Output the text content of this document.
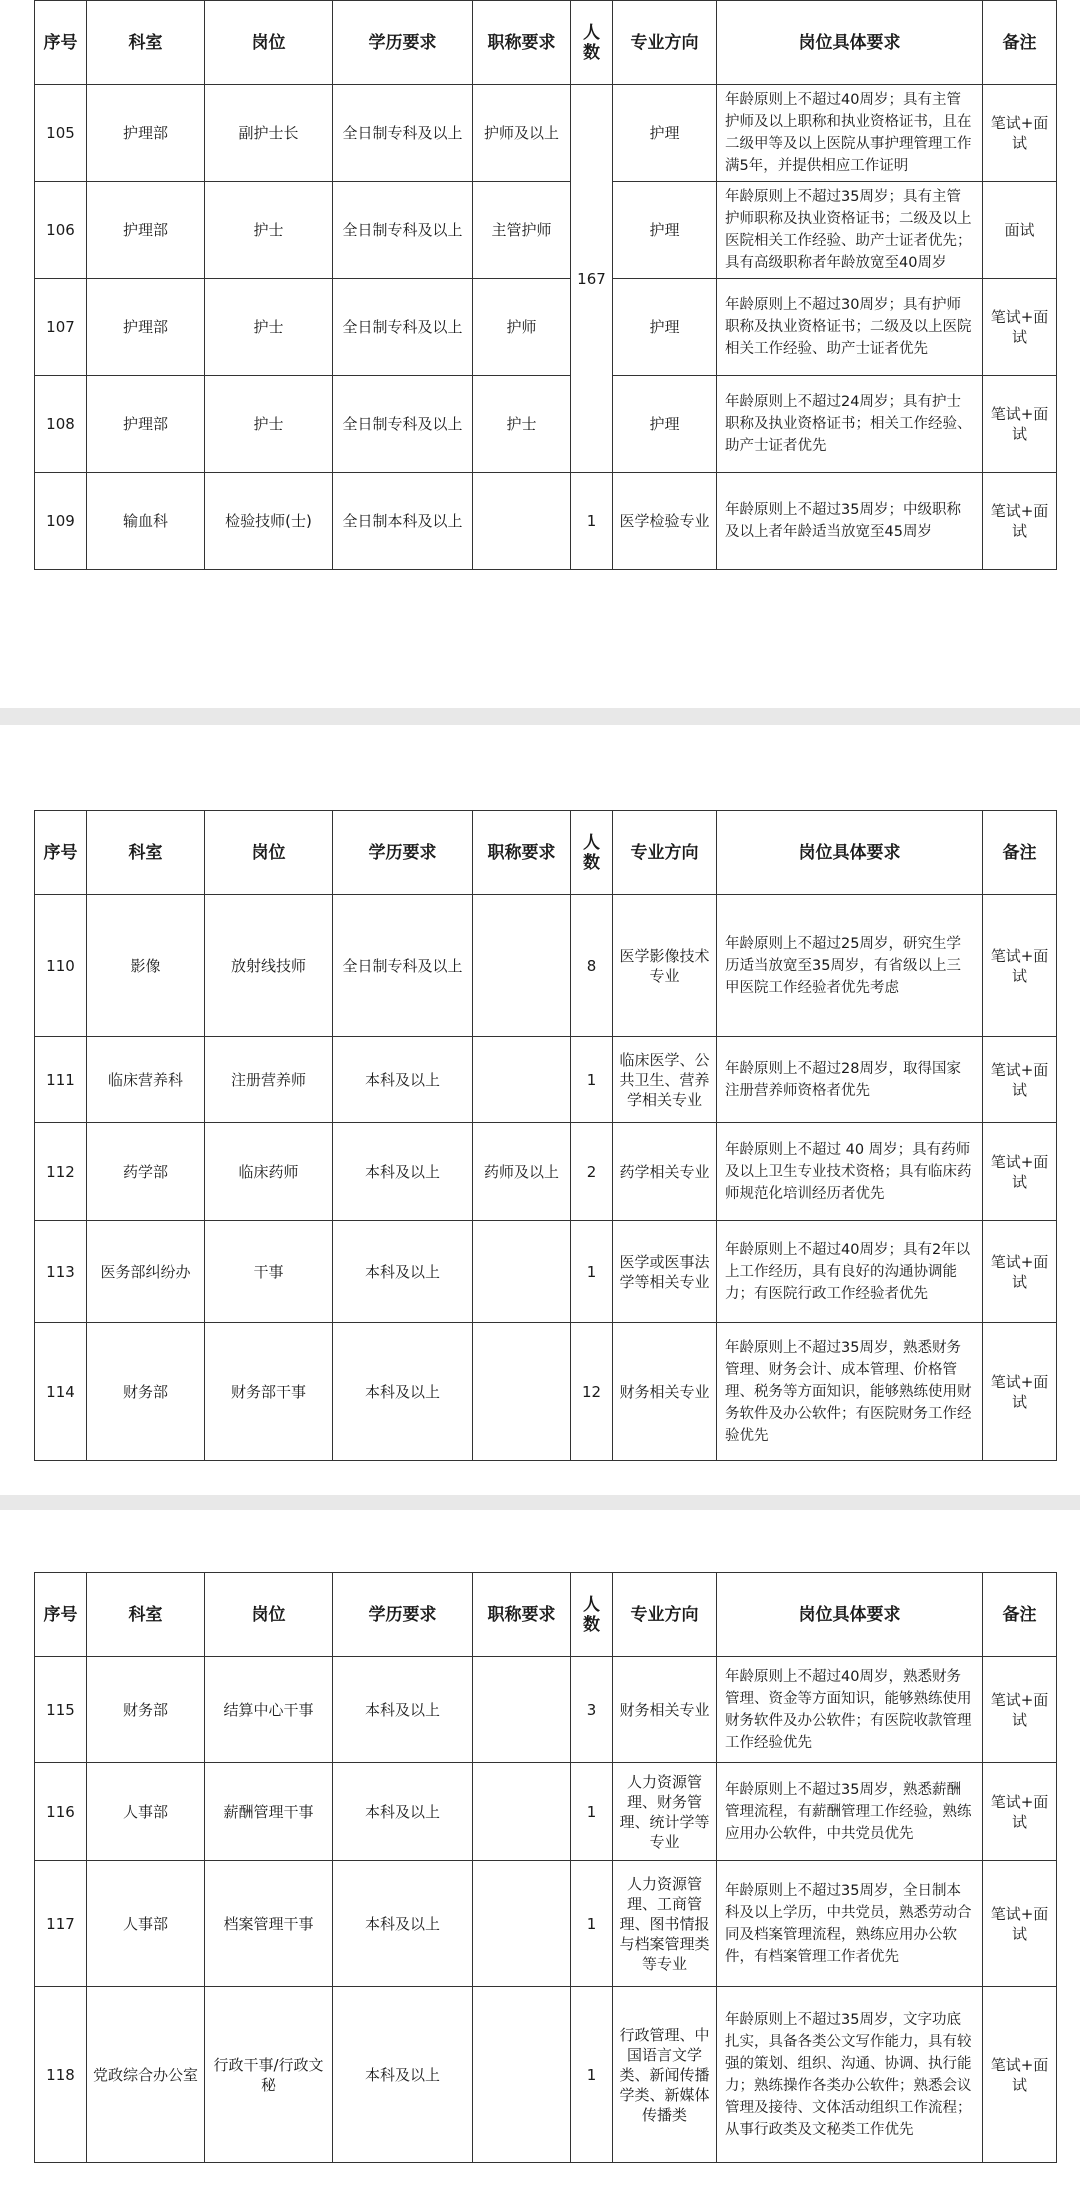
序号	科室	岗位	学历要求	职称要求	人数	专业方向	岗位具体要求	备注
105	护理部	副护士长	全日制专科及以上	护师及以上	167	护理	年龄原则上不超过40周岁；具有主管护师及以上职称和执业资格证书，且在二级甲等及以上医院从事护理管理工作满5年，并提供相应工作证明	笔试+面试
106	护理部	护士	全日制专科及以上	主管护师		护理	年龄原则上不超过35周岁；具有主管护师职称及执业资格证书；二级及以上医院相关工作经验、助产士证者优先；具有高级职称者年龄放宽至40周岁	面试
107	护理部	护士	全日制专科及以上	护师		护理	年龄原则上不超过30周岁；具有护师职称及执业资格证书；二级及以上医院相关工作经验、助产士证者优先	笔试+面试
108	护理部	护士	全日制专科及以上	护士		护理	年龄原则上不超过24周岁；具有护士职称及执业资格证书；相关工作经验、助产士证者优先	笔试+面试
109	输血科	检验技师(士)	全日制本科及以上		1	医学检验专业	年龄原则上不超过35周岁；中级职称及以上者年龄适当放宽至45周岁	笔试+面试
序号	科室	岗位	学历要求	职称要求	人数	专业方向	岗位具体要求	备注
110	影像	放射线技师	全日制专科及以上		8	医学影像技术专业	年龄原则上不超过25周岁，研究生学历适当放宽至35周岁，有省级以上三甲医院工作经验者优先考虑	笔试+面试
111	临床营养科	注册营养师	本科及以上		1	临床医学、公共卫生、营养学相关专业	年龄原则上不超过28周岁，取得国家注册营养师资格者优先	笔试+面试
112	药学部	临床药师	本科及以上	药师及以上	2	药学相关专业	年龄原则上不超过 40 周岁；具有药师及以上卫生专业技术资格；具有临床药师规范化培训经历者优先	笔试+面试
113	医务部纠纷办	干事	本科及以上		1	医学或医事法学等相关专业	年龄原则上不超过40周岁；具有2年以上工作经历，具有良好的沟通协调能力；有医院行政工作经验者优先	笔试+面试
114	财务部	财务部干事	本科及以上		12	财务相关专业	年龄原则上不超过35周岁，熟悉财务管理、财务会计、成本管理、价格管理、税务等方面知识，能够熟练使用财务软件及办公软件；有医院财务工作经验优先	笔试+面试
序号	科室	岗位	学历要求	职称要求	人数	专业方向	岗位具体要求	备注
115	财务部	结算中心干事	本科及以上		3	财务相关专业	年龄原则上不超过40周岁，熟悉财务管理、资金等方面知识，能够熟练使用财务软件及办公软件；有医院收款管理工作经验优先	笔试+面试
116	人事部	薪酬管理干事	本科及以上		1	人力资源管理、财务管理、统计学等专业	年龄原则上不超过35周岁，熟悉薪酬管理流程，有薪酬管理工作经验，熟练应用办公软件，中共党员优先	笔试+面试
117	人事部	档案管理干事	本科及以上		1	人力资源管理、工商管理、图书情报与档案管理类等专业	年龄原则上不超过35周岁，全日制本科及以上学历，中共党员，熟悉劳动合同及档案管理流程，熟练应用办公软件，有档案管理工作者优先	笔试+面试
118	党政综合办公室	行政干事/行政文秘	本科及以上		1	行政管理、中国语言文学类、新闻传播学类、新媒体传播类	年龄原则上不超过35周岁，文字功底扎实，具备各类公文写作能力，具有较强的策划、组织、沟通、协调、执行能力；熟练操作各类办公软件；熟悉会议管理及接待、文体活动组织工作流程；从事行政类及文秘类工作优先	笔试+面试
